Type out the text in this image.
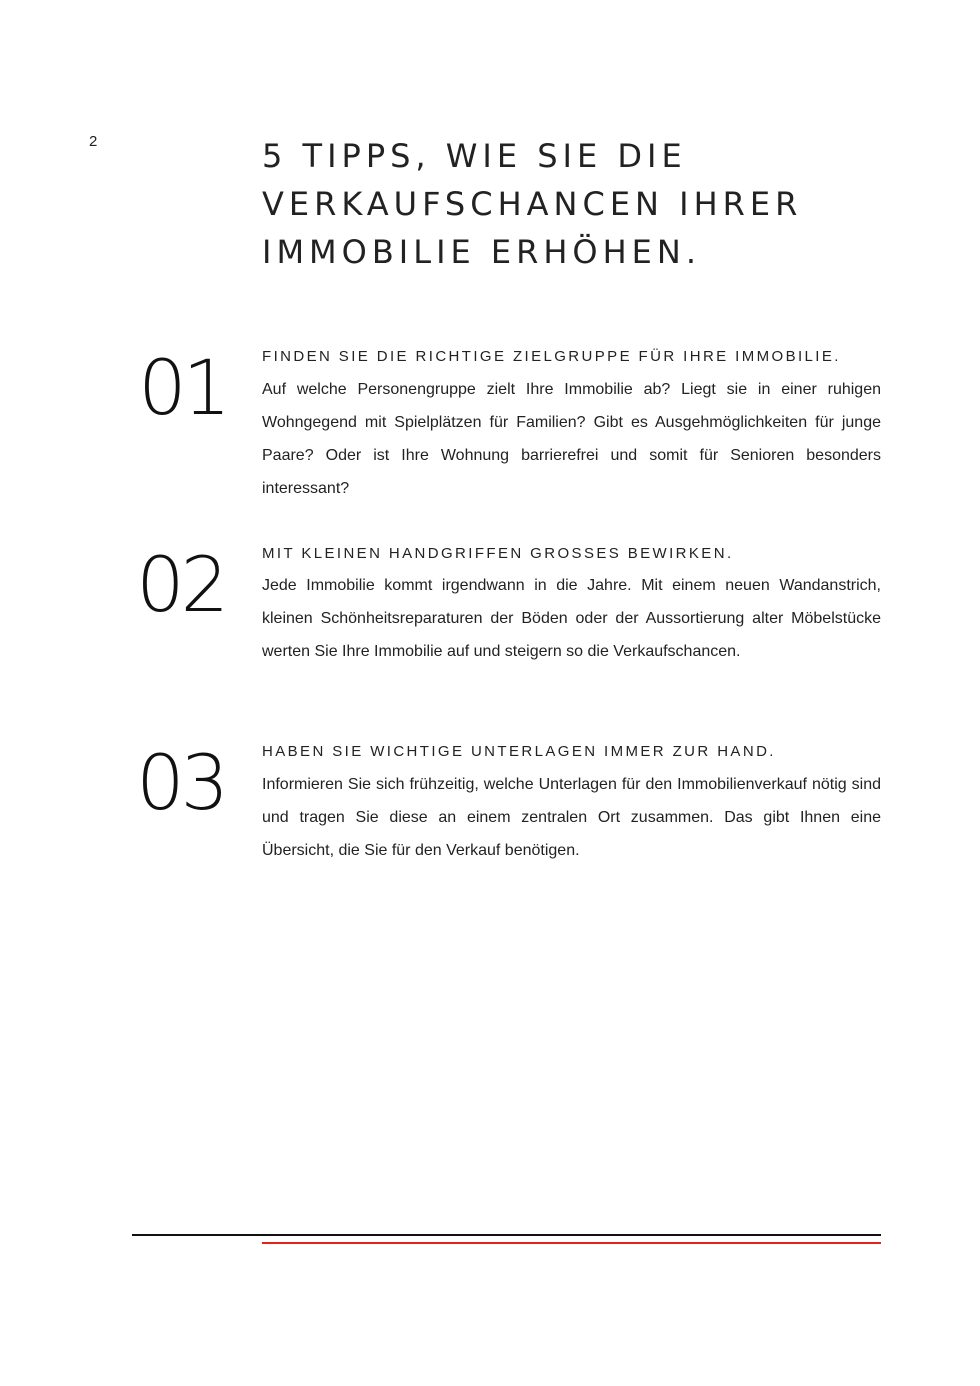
2	5 TIPPS, WIE SIE DIE
VERKAUFSCHANCEN IHRER
IMMOBILIE ERHÖHEN.
01 FINDEN SIE DIE RICHTIGE ZIELGRUPPE FÜR IHRE IMMOBILIE.

Auf welche Personengruppe zielt Ihre Immobilie ab? Liegt sie in einer ruhigen Wohngegend mit Spielplätzen für Familien? Gibt es Ausgehmöglichkeiten für junge Paare? Oder ist Ihre Wohnung barrierefrei und somit für Senioren besonders interessant?

02 MIT KLEINEN HANDGRIFFEN GROSSES BEWIRKEN.

Jede Immobilie kommt irgendwann in die Jahre. Mit einem neuen Wandanstrich, kleinen Schönheitsreparaturen der Böden oder der Aussortierung alter Möbelstücke werten Sie Ihre Immobilie auf und steigern so die Verkaufschancen.

03 HABEN SIE WICHTIGE UNTERLAGEN IMMER ZUR HAND.

Informieren Sie sich frühzeitig, welche Unterlagen für den Immobilienverkauf nötig sind und tragen Sie diese an einem zentralen Ort zusammen. Das gibt Ihnen eine Übersicht, die Sie für den Verkauf benötigen.
